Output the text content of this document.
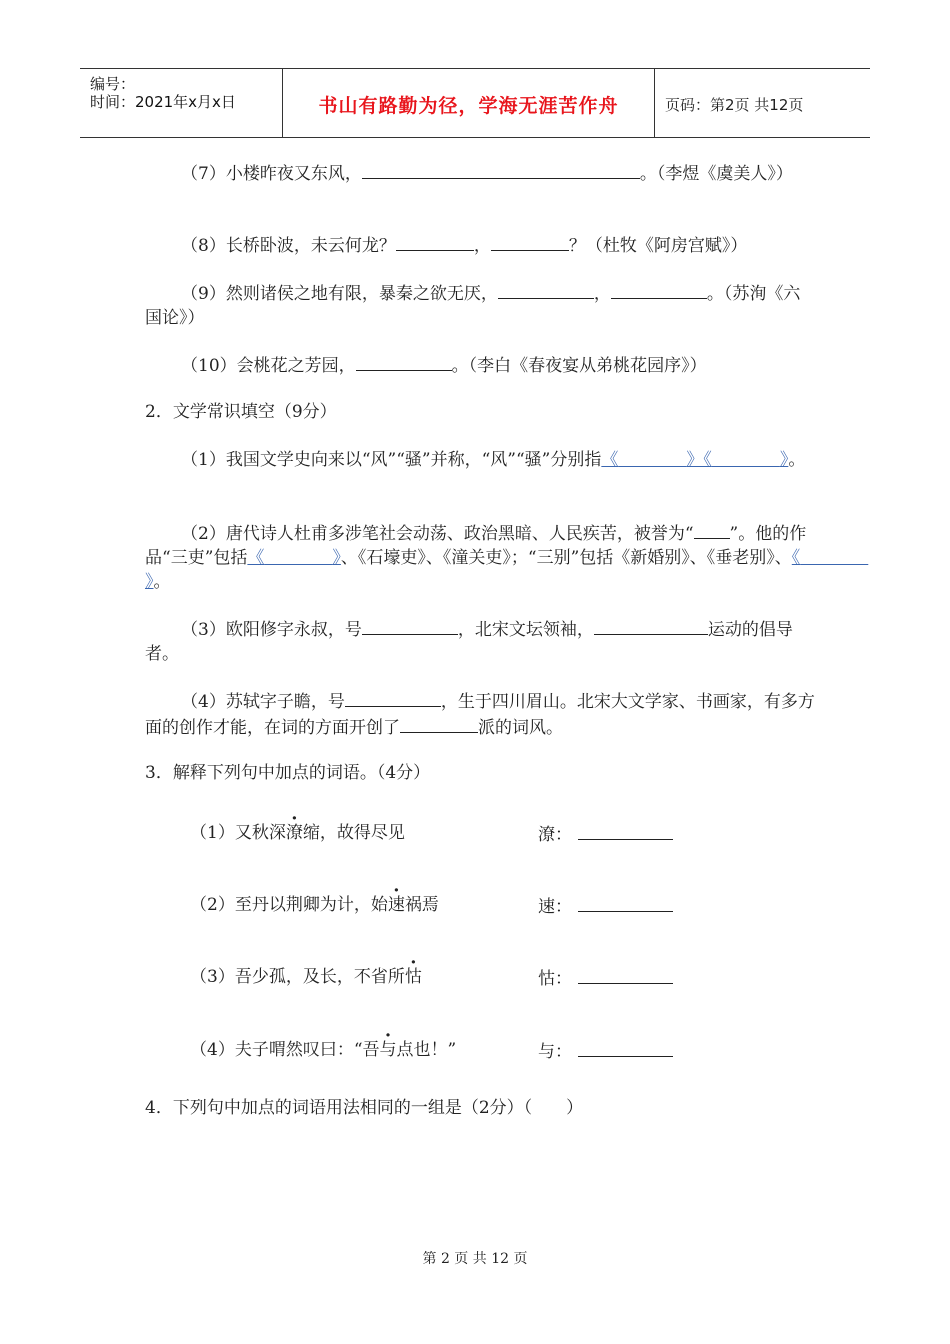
编号：
时间：2021年x月x日	书山有路勤为径，学海无涯苦作舟	页码：第2页 共12页
（7）小楼昨夜又东风，	。（李煜《虞美人》）
（8）长桥卧波，未云何龙？	，	？（杜牧《阿房宫赋》）
（9）然则诸侯之地有限，暴秦之欲无厌，	，	。（苏洵《六国论》）
（10）会桃花之芳园，	。（李白《春夜宴从弟桃花园序》）
2．文学常识填空（9分）
（1）我国文学史向来以“风”“骚”并称，“风”“骚”分别指《　　　　	》《　　　　	》。
（2）唐代诗人杜甫多涉笔社会动荡、政治黑暗、人民疾苦，被誉为“ ”。他的作品“三吏”包括《　　　　	》、《石壕吏》、《潼关吏》；“三别”包括《新婚别》、《垂老别》、《　　　　》。
（3）欧阳修字永叔，号	，北宋文坛领袖，	运动的倡导者。
（4）苏轼字子瞻，号	，生于四川眉山。北宋大文学家、书画家，有多方面的创作才能，在词的方面开创了	派的词风。
3．解释下列句中加点的词语。（4分）
（1）又秋深潦缩，故得尽见	潦：
（2）至丹以荆卿为计，始速祸焉	速：
（3）吾少孤，及长，不省所怙	怙：
（4）夫子喟然叹曰：“吾与点也！”	与：
4．下列句中加点的词语用法相同的一组是（2分）（　　）
第 2 页 共 12 页
